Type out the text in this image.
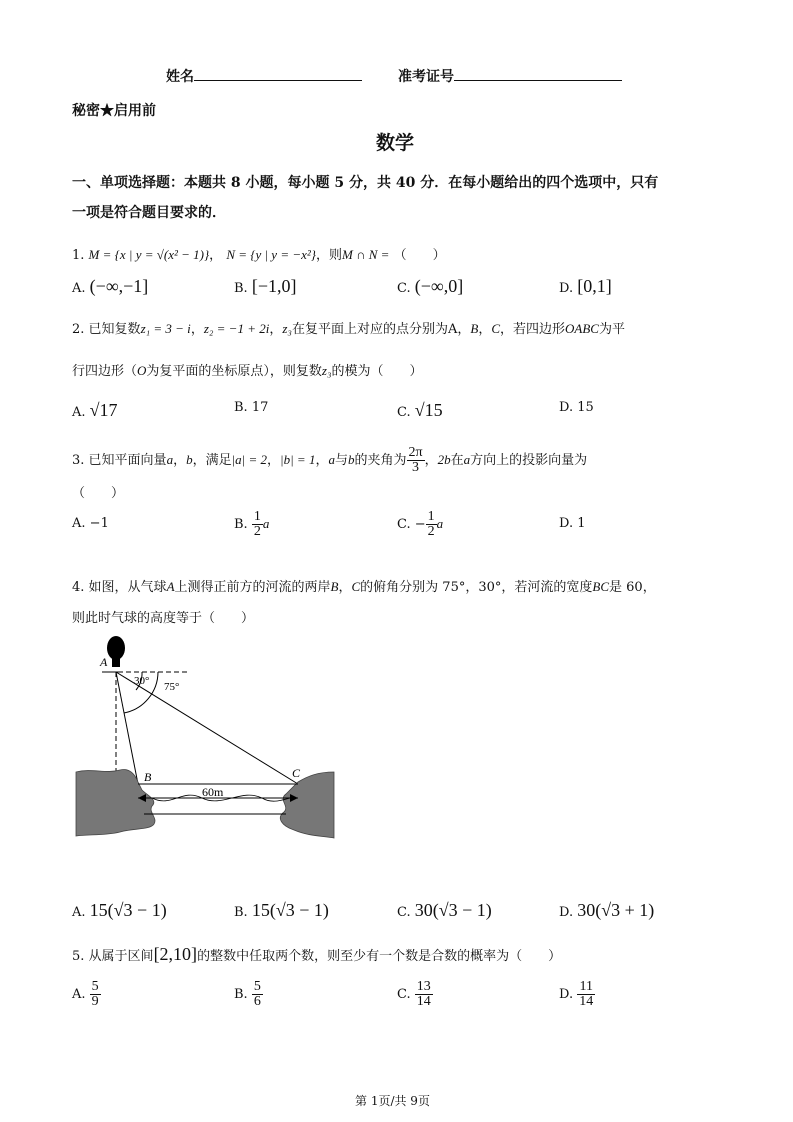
姓名	准考证号
秘密★启用前
数学
一、单项选择题：本题共 8 小题，每小题 5 分，共 40 分．在每小题给出的四个选项中，只有
一项是符合题目要求的．
1. M = {x | y = √(x² − 1)}， N = {y | y = −x²}，则M ∩ N = （　　）
A. (−∞,−1]	B. [−1,0]	C. (−∞,0]	D. [0,1]
2. 已知复数z₁ = 3 − i，z₂ = −1 + 2i，z₃在复平面上对应的点分别为A，B，C，若四边形OABC为平
行四边形（O为复平面的坐标原点），则复数z₃的模为（　　）
A. √17	B. 17	C. √15	D. 15
3. 已知平面向量a，b，满足|a| = 2，|b| = 1，a与b的夹角为 $\frac{2\pi}{3}$ ，2b在a方向上的投影向量为
（　　）
A. −1	B. $\frac{1}{2}$ a	C. − $\frac{1}{2}$ a	D. 1
4. 如图，从气球A上测得正前方的河流的两岸B，C的俯角分别为 75°，30°，若河流的宽度BC是 60，
则此时气球的高度等于（　　）
A
B	C
30° 75°
60m
A. 15(√3 − 1)	B. 15(√3 − 1)	C. 30(√3 − 1)	D. 30(√3 + 1)
5. 从属于区间[2,10]的整数中任取两个数，则至少有一个数是合数的概率为（　　）
A. $\frac{5}{9}$	B. $\frac{5}{6}$	C. $\frac{13}{14}$	D. $\frac{11}{14}$
第 1页/共 9页
